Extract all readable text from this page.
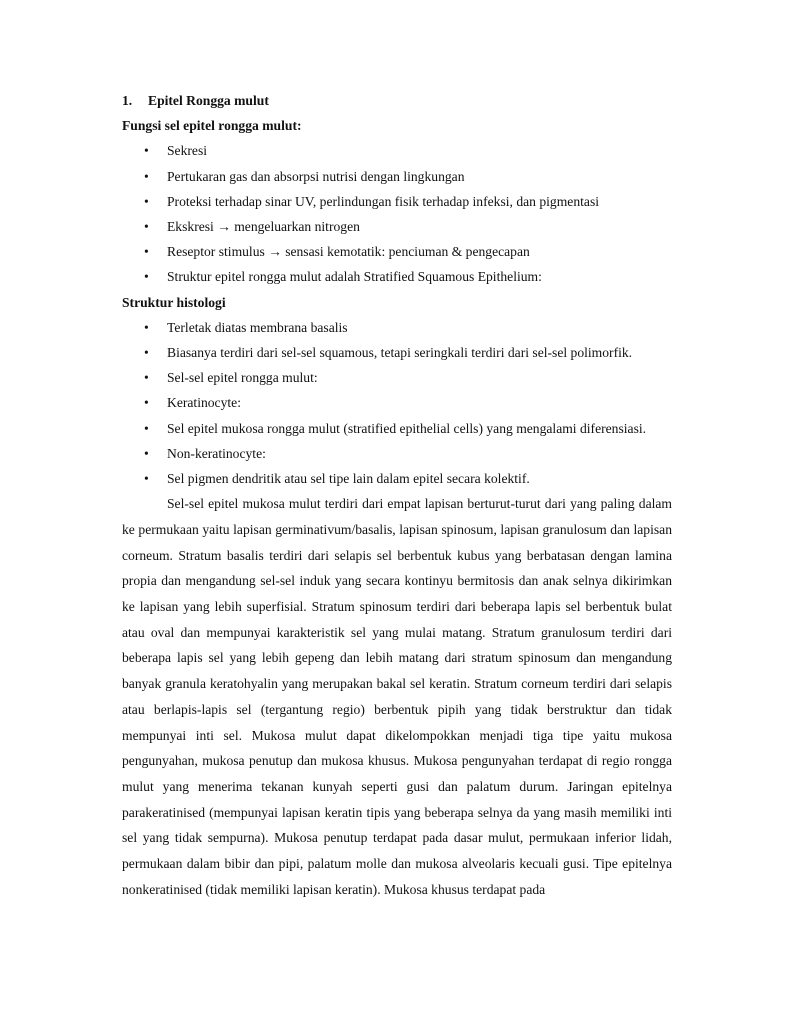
1. Epitel Rongga mulut

Fungsi sel epitel rongga mulut:

• Sekresi
• Pertukaran gas dan absorpsi nutrisi dengan lingkungan
• Proteksi terhadap sinar UV, perlindungan fisik terhadap infeksi, dan pigmentasi
• Ekskresi → mengeluarkan nitrogen
• Reseptor stimulus → sensasi kemotatik: penciuman & pengecapan
• Struktur epitel rongga mulut adalah Stratified Squamous Epithelium:

Struktur histologi

• Terletak diatas membrana basalis
• Biasanya terdiri dari sel-sel squamous, tetapi seringkali terdiri dari sel-sel polimorfik.
• Sel-sel epitel rongga mulut:
• Keratinocyte:
• Sel epitel mukosa rongga mulut (stratified epithelial cells) yang mengalami diferensiasi.
• Non-keratinocyte:
• Sel pigmen dendritik atau sel tipe lain dalam epitel secara kolektif.

Sel-sel epitel mukosa mulut terdiri dari empat lapisan berturut-turut dari yang paling dalam ke permukaan yaitu lapisan germinativum/basalis, lapisan spinosum, lapisan granulosum dan lapisan corneum. Stratum basalis terdiri dari selapis sel berbentuk kubus yang berbatasan dengan lamina propia dan mengandung sel-sel induk yang secara kontinyu bermitosis dan anak selnya dikirimkan ke lapisan yang lebih superfisial. Stratum spinosum terdiri dari beberapa lapis sel berbentuk bulat atau oval dan mempunyai karakteristik sel yang mulai matang. Stratum granulosum terdiri dari beberapa lapis sel yang lebih gepeng dan lebih matang dari stratum spinosum dan mengandung banyak granula keratohyalin yang merupakan bakal sel keratin. Stratum corneum terdiri dari selapis atau berlapis-lapis sel (tergantung regio) berbentuk pipih yang tidak berstruktur dan tidak mempunyai inti sel. Mukosa mulut dapat dikelompokkan menjadi tiga tipe yaitu mukosa pengunyahan, mukosa penutup dan mukosa khusus. Mukosa pengunyahan terdapat di regio rongga mulut yang menerima tekanan kunyah seperti gusi dan palatum durum. Jaringan epitelnya parakeratinised (mempunyai lapisan keratin tipis yang beberapa selnya da yang masih memiliki inti sel yang tidak sempurna). Mukosa penutup terdapat pada dasar mulut, permukaan inferior lidah, permukaan dalam bibir dan pipi, palatum molle dan mukosa alveolaris kecuali gusi. Tipe epitelnya nonkeratinised (tidak memiliki lapisan keratin). Mukosa khusus terdapat pada
